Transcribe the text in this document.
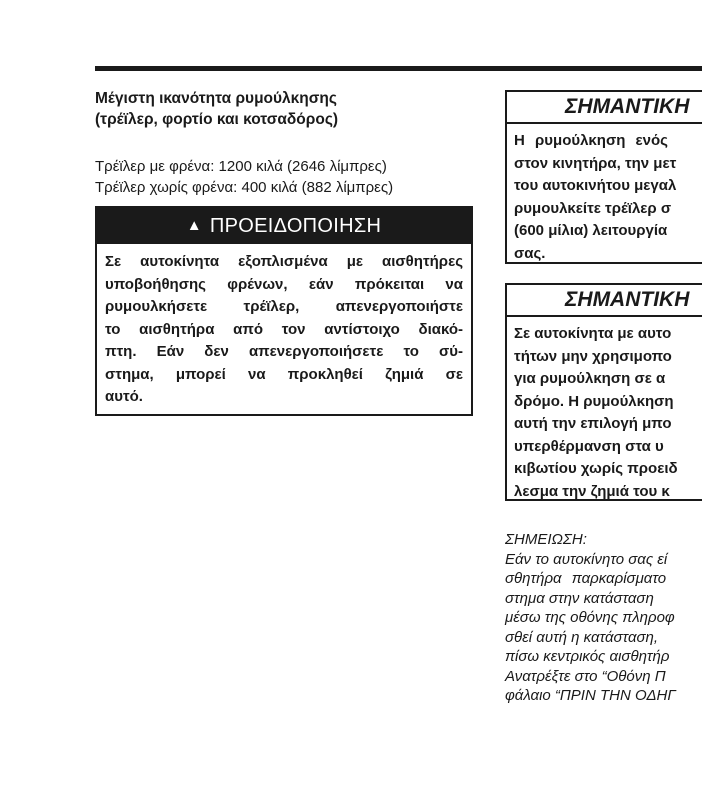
Μέγιστη ικανότητα ρυμούλκησης
(τρέϊλερ, φορτίο και κοτσαδόρος)
Τρέϊλερ με φρένα: 1200 κιλά (2646 λίμπρες)
Τρέϊλερ χωρίς φρένα: 400 κιλά (882 λίμπρες)
▲ ΠΡΟΕΙΔΟΠΟΙΗΣΗ
Σε αυτοκίνητα εξοπλισμένα με αισθητήρες
υποβοήθησης φρένων, εάν πρόκειται να
ρυμουλκήσετε τρέϊλερ, απενεργοποιήστε
το αισθητήρα από τον αντίστοιχο διακό-
πτη. Εάν δεν απενεργοποιήσετε το σύ-
στημα, μπορεί να προκληθεί ζημιά σε
αυτό.
ΣΗΜΑΝΤΙΚΗ
Η ρυμούλκηση ενός
στον κινητήρα, την μετ
του αυτοκινήτου μεγαλ
ρυμουλκείτε τρέϊλερ σ
(600 μίλια) λειτουργία
σας.
ΣΗΜΑΝΤΙΚΗ
Σε αυτοκίνητα με αυτο
τήτων μην χρησιμοπο
για ρυμούλκηση σε α
δρόμο. Η ρυμούλκηση
αυτή την επιλογή μπο
υπερθέρμανση στα υ
κιβωτίου χωρίς προειδ
λεσμα την ζημιά του κ
ΣΗΜΕΙΩΣΗ:
Εάν το αυτοκίνητο σας εί
σθητήρα παρκαρίσματο
στημα στην κατάσταση
μέσω της οθόνης πληροφ
σθεί αυτή η κατάσταση,
πίσω κεντρικός αισθητήρ
Ανατρέξτε στο “Οθόνη Π
φάλαιο “ΠΡΙΝ ΤΗΝ ΟΔΗΓ
